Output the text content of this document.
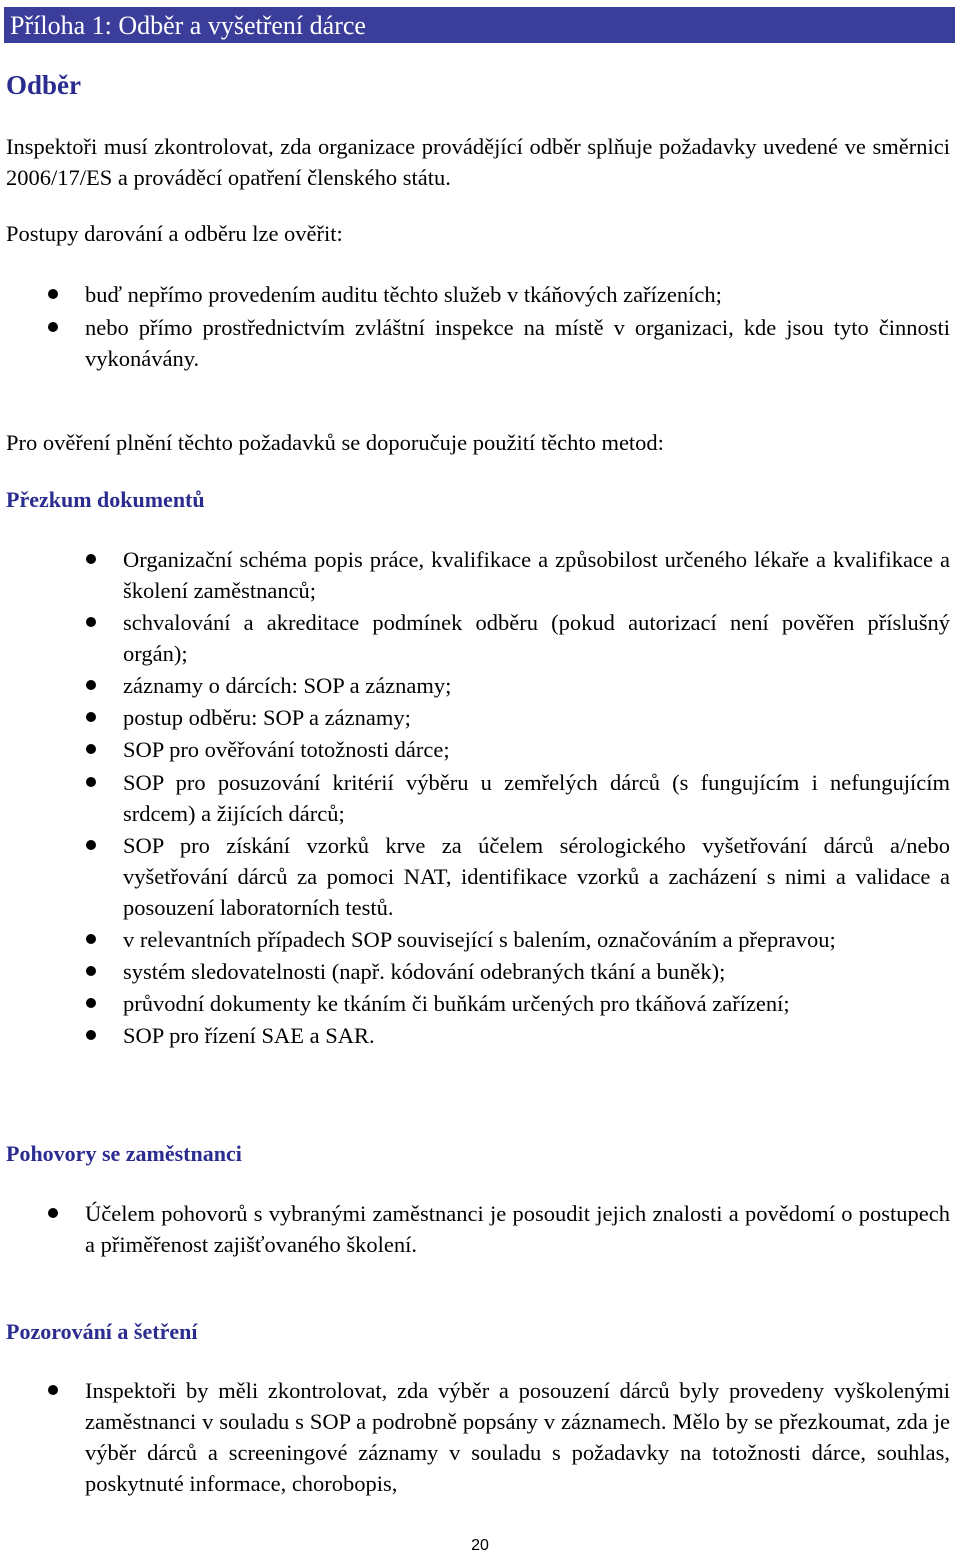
Příloha 1: Odběr a vyšetření dárce
Odběr
Inspektoři musí zkontrolovat, zda organizace provádějící odběr splňuje požadavky uvedené ve směrnici 2006/17/ES a prováděcí opatření členského státu.
Postupy darování a odběru lze ověřit:
buď nepřímo provedením auditu těchto služeb v tkáňových zařízeních;
nebo přímo prostřednictvím zvláštní inspekce na místě v organizaci, kde jsou tyto činnosti vykonávány.
Pro ověření plnění těchto požadavků se doporučuje použití těchto metod:
Přezkum dokumentů
Organizační schéma popis práce, kvalifikace a způsobilost určeného lékaře a kvalifikace a školení zaměstnanců;
schvalování a akreditace podmínek odběru (pokud autorizací není pověřen příslušný orgán);
záznamy o dárcích: SOP a záznamy;
postup odběru: SOP a záznamy;
SOP pro ověřování totožnosti dárce;
SOP pro posuzování kritérií výběru u zemřelých dárců (s fungujícím i nefungujícím srdcem) a žijících dárců;
SOP pro získání vzorků krve za účelem sérologického vyšetřování dárců a/nebo vyšetřování dárců za pomoci NAT, identifikace vzorků a zacházení s nimi a validace a posouzení laboratorních testů.
v relevantních případech SOP související s balením, označováním a přepravou;
systém sledovatelnosti (např. kódování odebraných tkání a buněk);
průvodní dokumenty ke tkáním či buňkám určených pro tkáňová zařízení;
SOP pro řízení SAE a SAR.
Pohovory se zaměstnanci
Účelem pohovorů s vybranými zaměstnanci je posoudit jejich znalosti a povědomí o postupech a přiměřenost zajišťovaného školení.
Pozorování a šetření
Inspektoři by měli zkontrolovat, zda výběr a posouzení dárců byly provedeny vyškolenými zaměstnanci v souladu s SOP a podrobně popsány v záznamech. Mělo by se přezkoumat, zda je výběr dárců a screeningové záznamy v souladu s požadavky na totožnosti dárce, souhlas, poskytnuté informace, chorobopis,
20
